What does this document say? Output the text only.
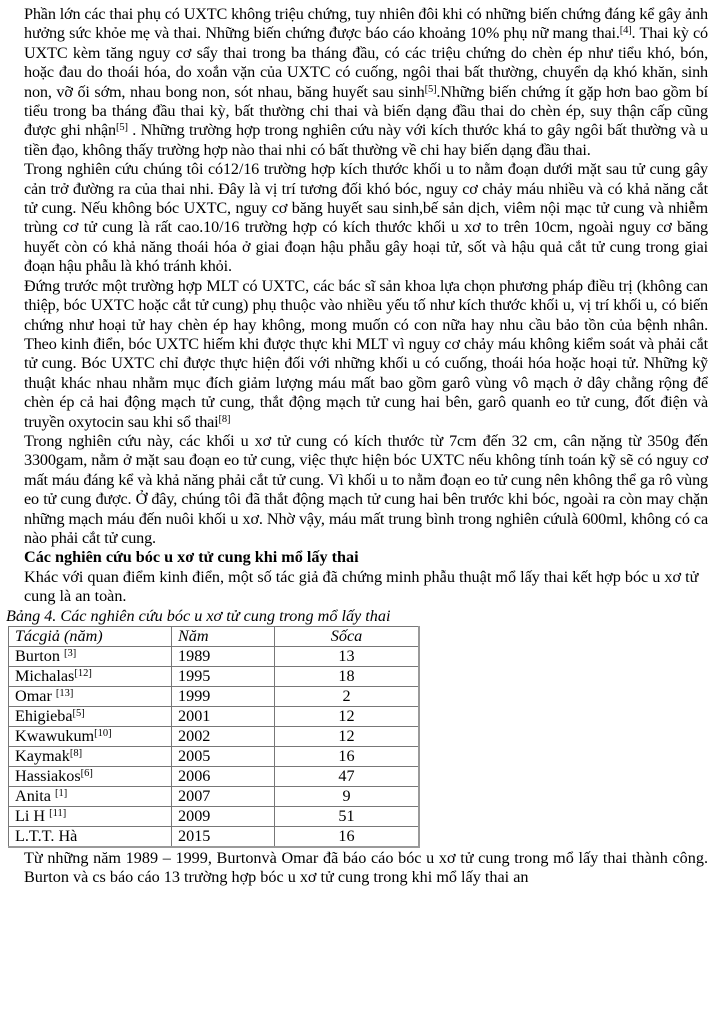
Phần lớn các thai phụ có UXTC không triệu chứng, tuy nhiên đôi khi có những biến chứng đáng kể gây ảnh hưởng sức khỏe mẹ và thai. Những biến chứng được báo cáo khoảng 10% phụ nữ mang thai.[4]. Thai kỳ có UXTC kèm tăng nguy cơ sẩy thai trong ba tháng đầu, có các triệu chứng do chèn ép như tiểu khó, bón, hoặc đau do thoái hóa, do xoắn vặn của UXTC có cuống, ngôi thai bất thường, chuyển dạ khó khăn, sinh non, vỡ ối sớm, nhau bong non, sót nhau, băng huyết sau sinh[5].Những biến chứng ít gặp hơn bao gồm bí tiểu trong ba tháng đầu thai kỳ, bất thường chi thai và biến dạng đầu thai do chèn ép, suy thận cấp cũng được ghi nhận[5] . Những trường hợp trong nghiên cứu này với kích thước khá to gây ngôi bất thường và u tiền đạo, không thấy trường hợp nào thai nhi có bất thường về chi hay biến dạng đầu thai.

Trong nghiên cứu chúng tôi có12/16 trường hợp kích thước khối u to nằm đoạn dưới mặt sau tử cung gây cản trở đường ra của thai nhi. Đây là vị trí tương đối khó bóc, nguy cơ chảy máu nhiều và có khả năng cắt tử cung. Nếu không bóc UXTC, nguy cơ băng huyết sau sinh,bế sản dịch, viêm nội mạc tử cung và nhiễm trùng cơ tử cung là rất cao.10/16 trường hợp có kích thước khối u xơ to trên 10cm, ngoài nguy cơ băng huyết còn có khả năng thoái hóa ở giai đoạn hậu phẫu gây hoại tử, sốt và hậu quả cắt tử cung trong giai đoạn hậu phẫu là khó tránh khỏi.

Đứng trước một trường hợp MLT có UXTC, các bác sĩ sản khoa lựa chọn phương pháp điều trị (không can thiệp, bóc UXTC hoặc cắt tử cung) phụ thuộc vào nhiều yếu tố như kích thước khối u, vị trí khối u, có biến chứng như hoại tử hay chèn ép hay không, mong muốn có con nữa hay nhu cầu bảo tồn của bệnh nhân. Theo kinh điển, bóc UXTC hiếm khi được thực khi MLT vì nguy cơ chảy máu không kiểm soát và phải cắt tử cung. Bóc UXTC chỉ được thực hiện đối với những khối u có cuống, thoái hóa hoặc hoại tử. Những kỹ thuật khác nhau nhằm mục đích giảm lượng máu mất bao gồm garô vùng vô mạch ở dây chằng rộng để chèn ép cả hai động mạch tử cung, thắt động mạch tử cung hai bên, garô quanh eo tử cung, đốt điện và truyền oxytocin sau khi sổ thai[8]

Trong nghiên cứu này, các khối u xơ tử cung có kích thước từ 7cm đến 32 cm, cân nặng từ 350g đến 3300gam, nằm ở mặt sau đoạn eo tử cung, việc thực hiện bóc UXTC nếu không tính toán kỹ sẽ có nguy cơ mất máu đáng kể và khả năng phải cắt tử cung. Vì khối u to nằm đoạn eo tử cung nên không thể ga rô vùng eo tử cung được. Ở đây, chúng tôi đã thắt động mạch tử cung hai bên trước khi bóc, ngoài ra còn may chặn những mạch máu đến nuôi khối u xơ. Nhờ vậy, máu mất trung bình trong nghiên cứulà 600ml, không có ca nào phải cắt tử cung.

Các nghiên cứu bóc u xơ tử cung khi mổ lấy thai

Khác với quan điểm kinh điển, một số tác giả đã chứng minh phẫu thuật mổ lấy thai kết hợp bóc u xơ tử cung là an toàn.

Bảng 4. Các nghiên cứu bóc u xơ tử cung trong mổ lấy thai

Tácgiả (năm)	Năm	Sốca
Burton [3]	1989	13
Michalas[12]	1995	18
Omar [13]	1999	2
Ehigieba[5]	2001	12
Kwawukum[10]	2002	12
Kaymak[8]	2005	16
Hassiakos[6]	2006	47
Anita [1]	2007	9
Li H [11]	2009	51
L.T.T. Hà	2015	16

Từ những năm 1989 – 1999, Burtonvà Omar đã báo cáo bóc u xơ tử cung trong mổ lấy thai thành công. Burton và cs báo cáo 13 trường hợp bóc u xơ tử cung trong khi mổ lấy thai an
